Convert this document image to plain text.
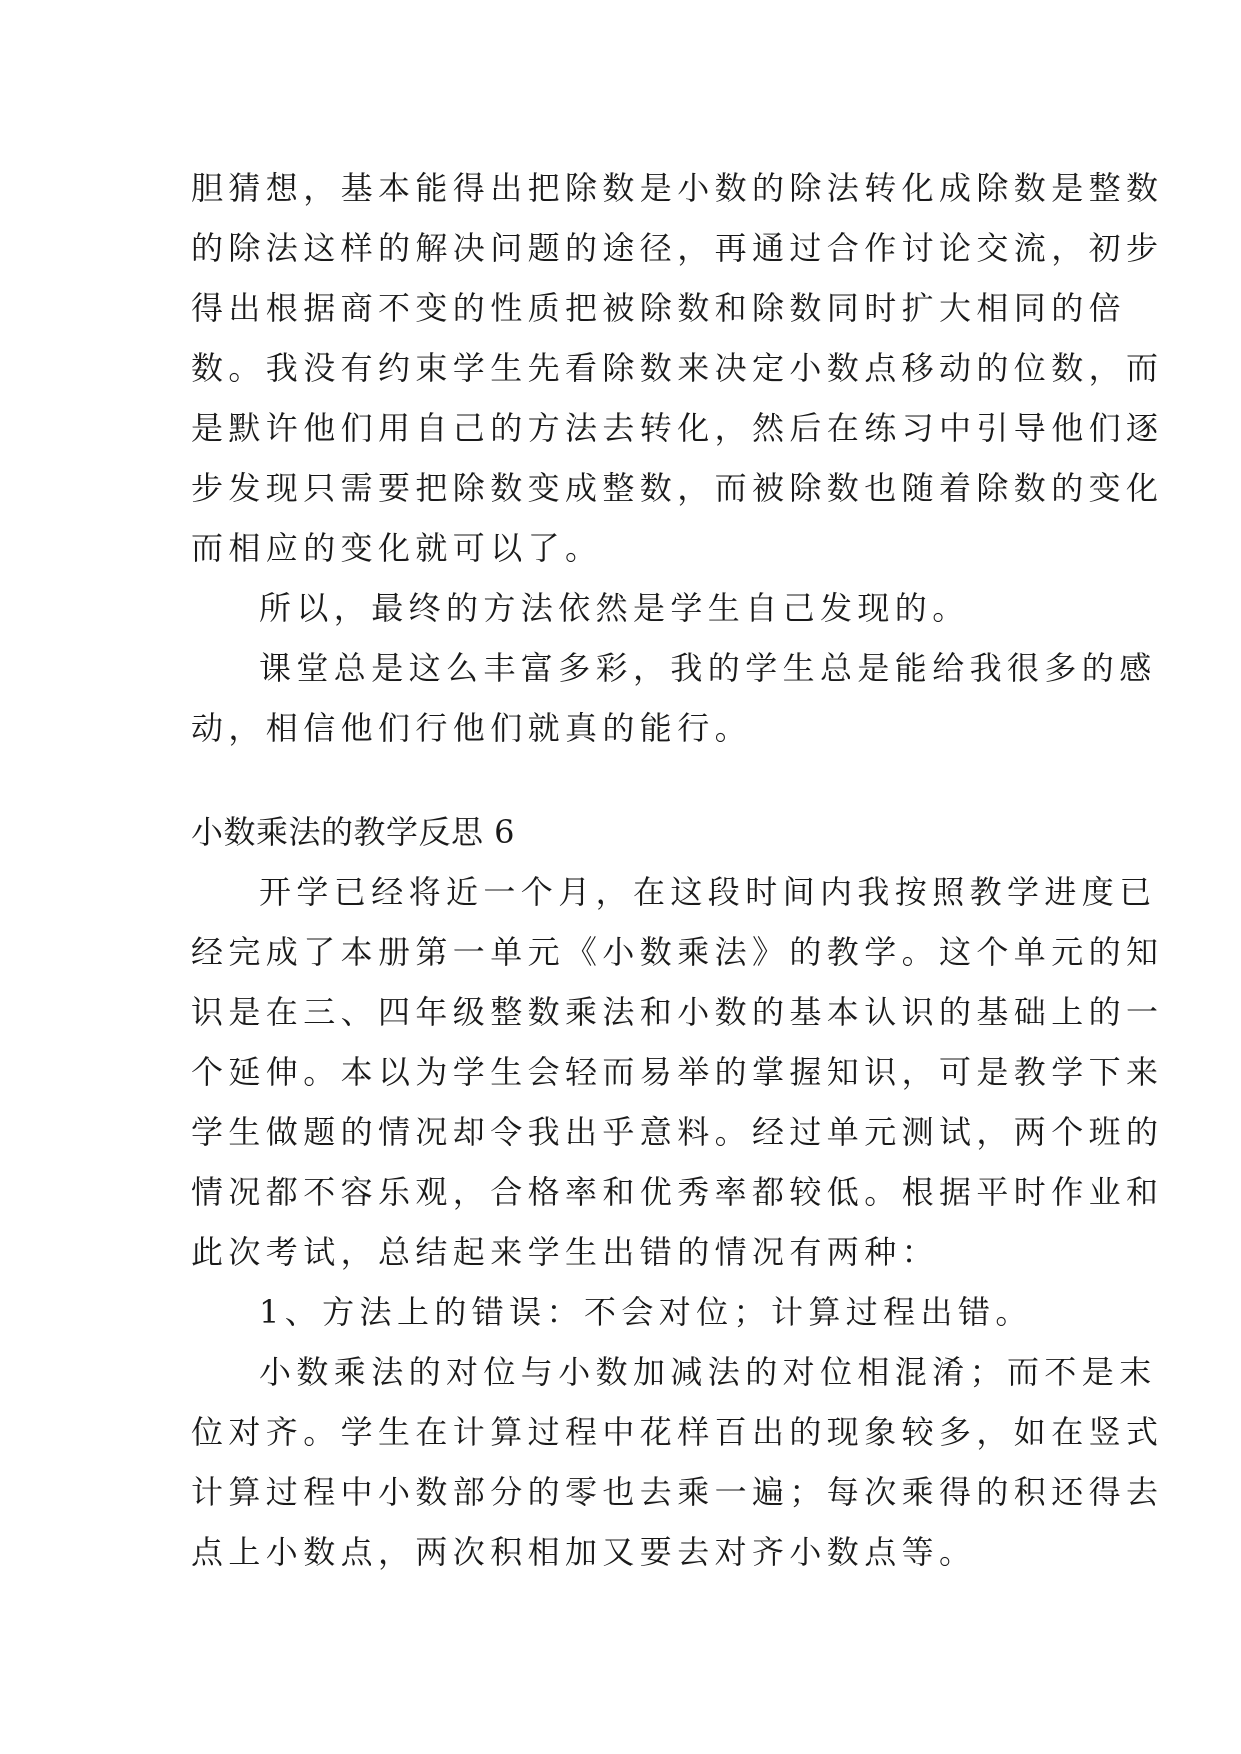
胆猜想，基本能得出把除数是小数的除法转化成除数是整数
的除法这样的解决问题的途径，再通过合作讨论交流，初步
得出根据商不变的性质把被除数和除数同时扩大相同的倍
数。我没有约束学生先看除数来决定小数点移动的位数，而
是默许他们用自己的方法去转化，然后在练习中引导他们逐
步发现只需要把除数变成整数，而被除数也随着除数的变化
而相应的变化就可以了。

所以，最终的方法依然是学生自己发现的。

课堂总是这么丰富多彩，我的学生总是能给我很多的感
动，相信他们行他们就真的能行。

小数乘法的教学反思 6

开学已经将近一个月，在这段时间内我按照教学进度已
经完成了本册第一单元《小数乘法》的教学。这个单元的知
识是在三、四年级整数乘法和小数的基本认识的基础上的一
个延伸。本以为学生会轻而易举的掌握知识，可是教学下来
学生做题的情况却令我出乎意料。经过单元测试，两个班的
情况都不容乐观，合格率和优秀率都较低。根据平时作业和
此次考试，总结起来学生出错的情况有两种：

1、方法上的错误：不会对位；计算过程出错。

小数乘法的对位与小数加减法的对位相混淆；而不是末
位对齐。学生在计算过程中花样百出的现象较多，如在竖式
计算过程中小数部分的零也去乘一遍；每次乘得的积还得去
点上小数点，两次积相加又要去对齐小数点等。
